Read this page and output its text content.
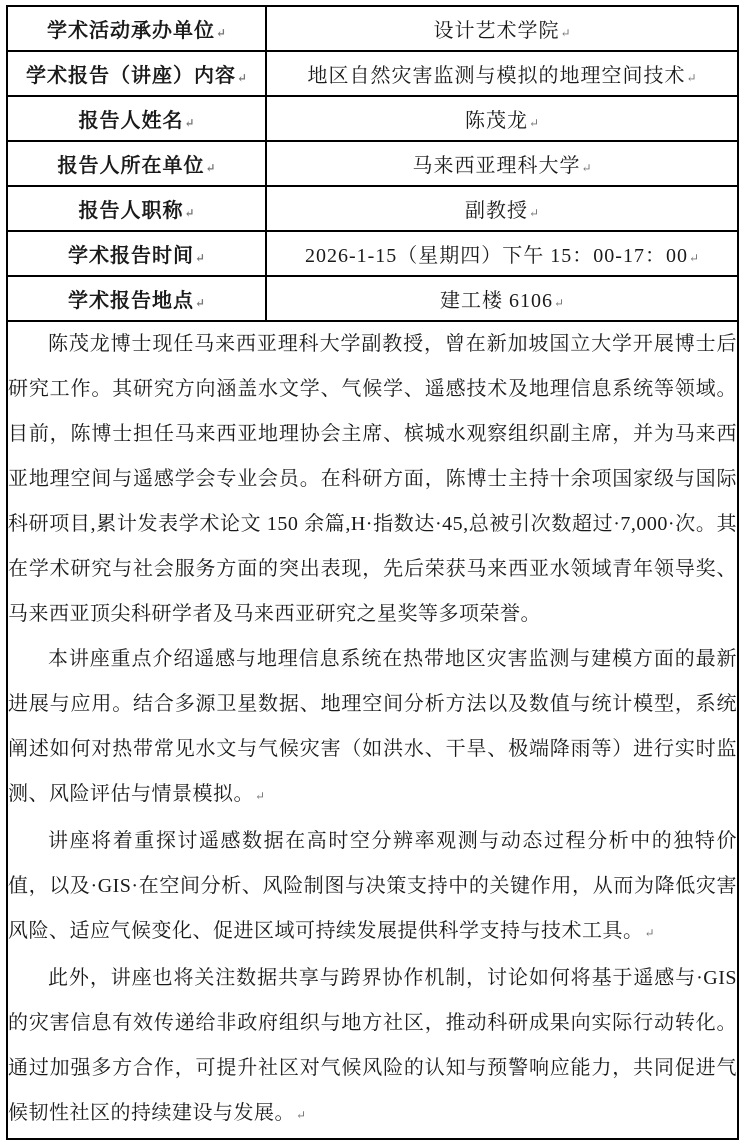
学术活动承办单位↵	设计艺术学院↵
学术报告（讲座）内容↵	地区自然灾害监测与模拟的地理空间技术↵
报告人姓名↵	陈茂龙↵
报告人所在单位↵	马来西亚理科大学↵
报告人职称↵	副教授↵
学术报告时间↵	2026-1-15（星期四）下午 15：00-17：00↵
学术报告地点↵	建工楼 6106↵

陈茂龙博士现任马来西亚理科大学副教授，曾在新加坡国立大学开展博士后研究工作。其研究方向涵盖水文学、气候学、遥感技术及地理信息系统等领域。目前，陈博士担任马来西亚地理协会主席、槟城水观察组织副主席，并为马来西亚地理空间与遥感学会专业会员。在科研方面，陈博士主持十余项国家级与国际科研项目,累计发表学术论文 150 余篇,H·指数达·45,总被引次数超过·7,000·次。其在学术研究与社会服务方面的突出表现，先后荣获马来西亚水领域青年领导奖、马来西亚顶尖科研学者及马来西亚研究之星奖等多项荣誉。

本讲座重点介绍遥感与地理信息系统在热带地区灾害监测与建模方面的最新进展与应用。结合多源卫星数据、地理空间分析方法以及数值与统计模型，系统阐述如何对热带常见水文与气候灾害（如洪水、干旱、极端降雨等）进行实时监测、风险评估与情景模拟。↵

讲座将着重探讨遥感数据在高时空分辨率观测与动态过程分析中的独特价值，以及·GIS·在空间分析、风险制图与决策支持中的关键作用，从而为降低灾害风险、适应气候变化、促进区域可持续发展提供科学支持与技术工具。↵

此外，讲座也将关注数据共享与跨界协作机制，讨论如何将基于遥感与·GIS的灾害信息有效传递给非政府组织与地方社区，推动科研成果向实际行动转化。通过加强多方合作，可提升社区对气候风险的认知与预警响应能力，共同促进气候韧性社区的持续建设与发展。↵	
